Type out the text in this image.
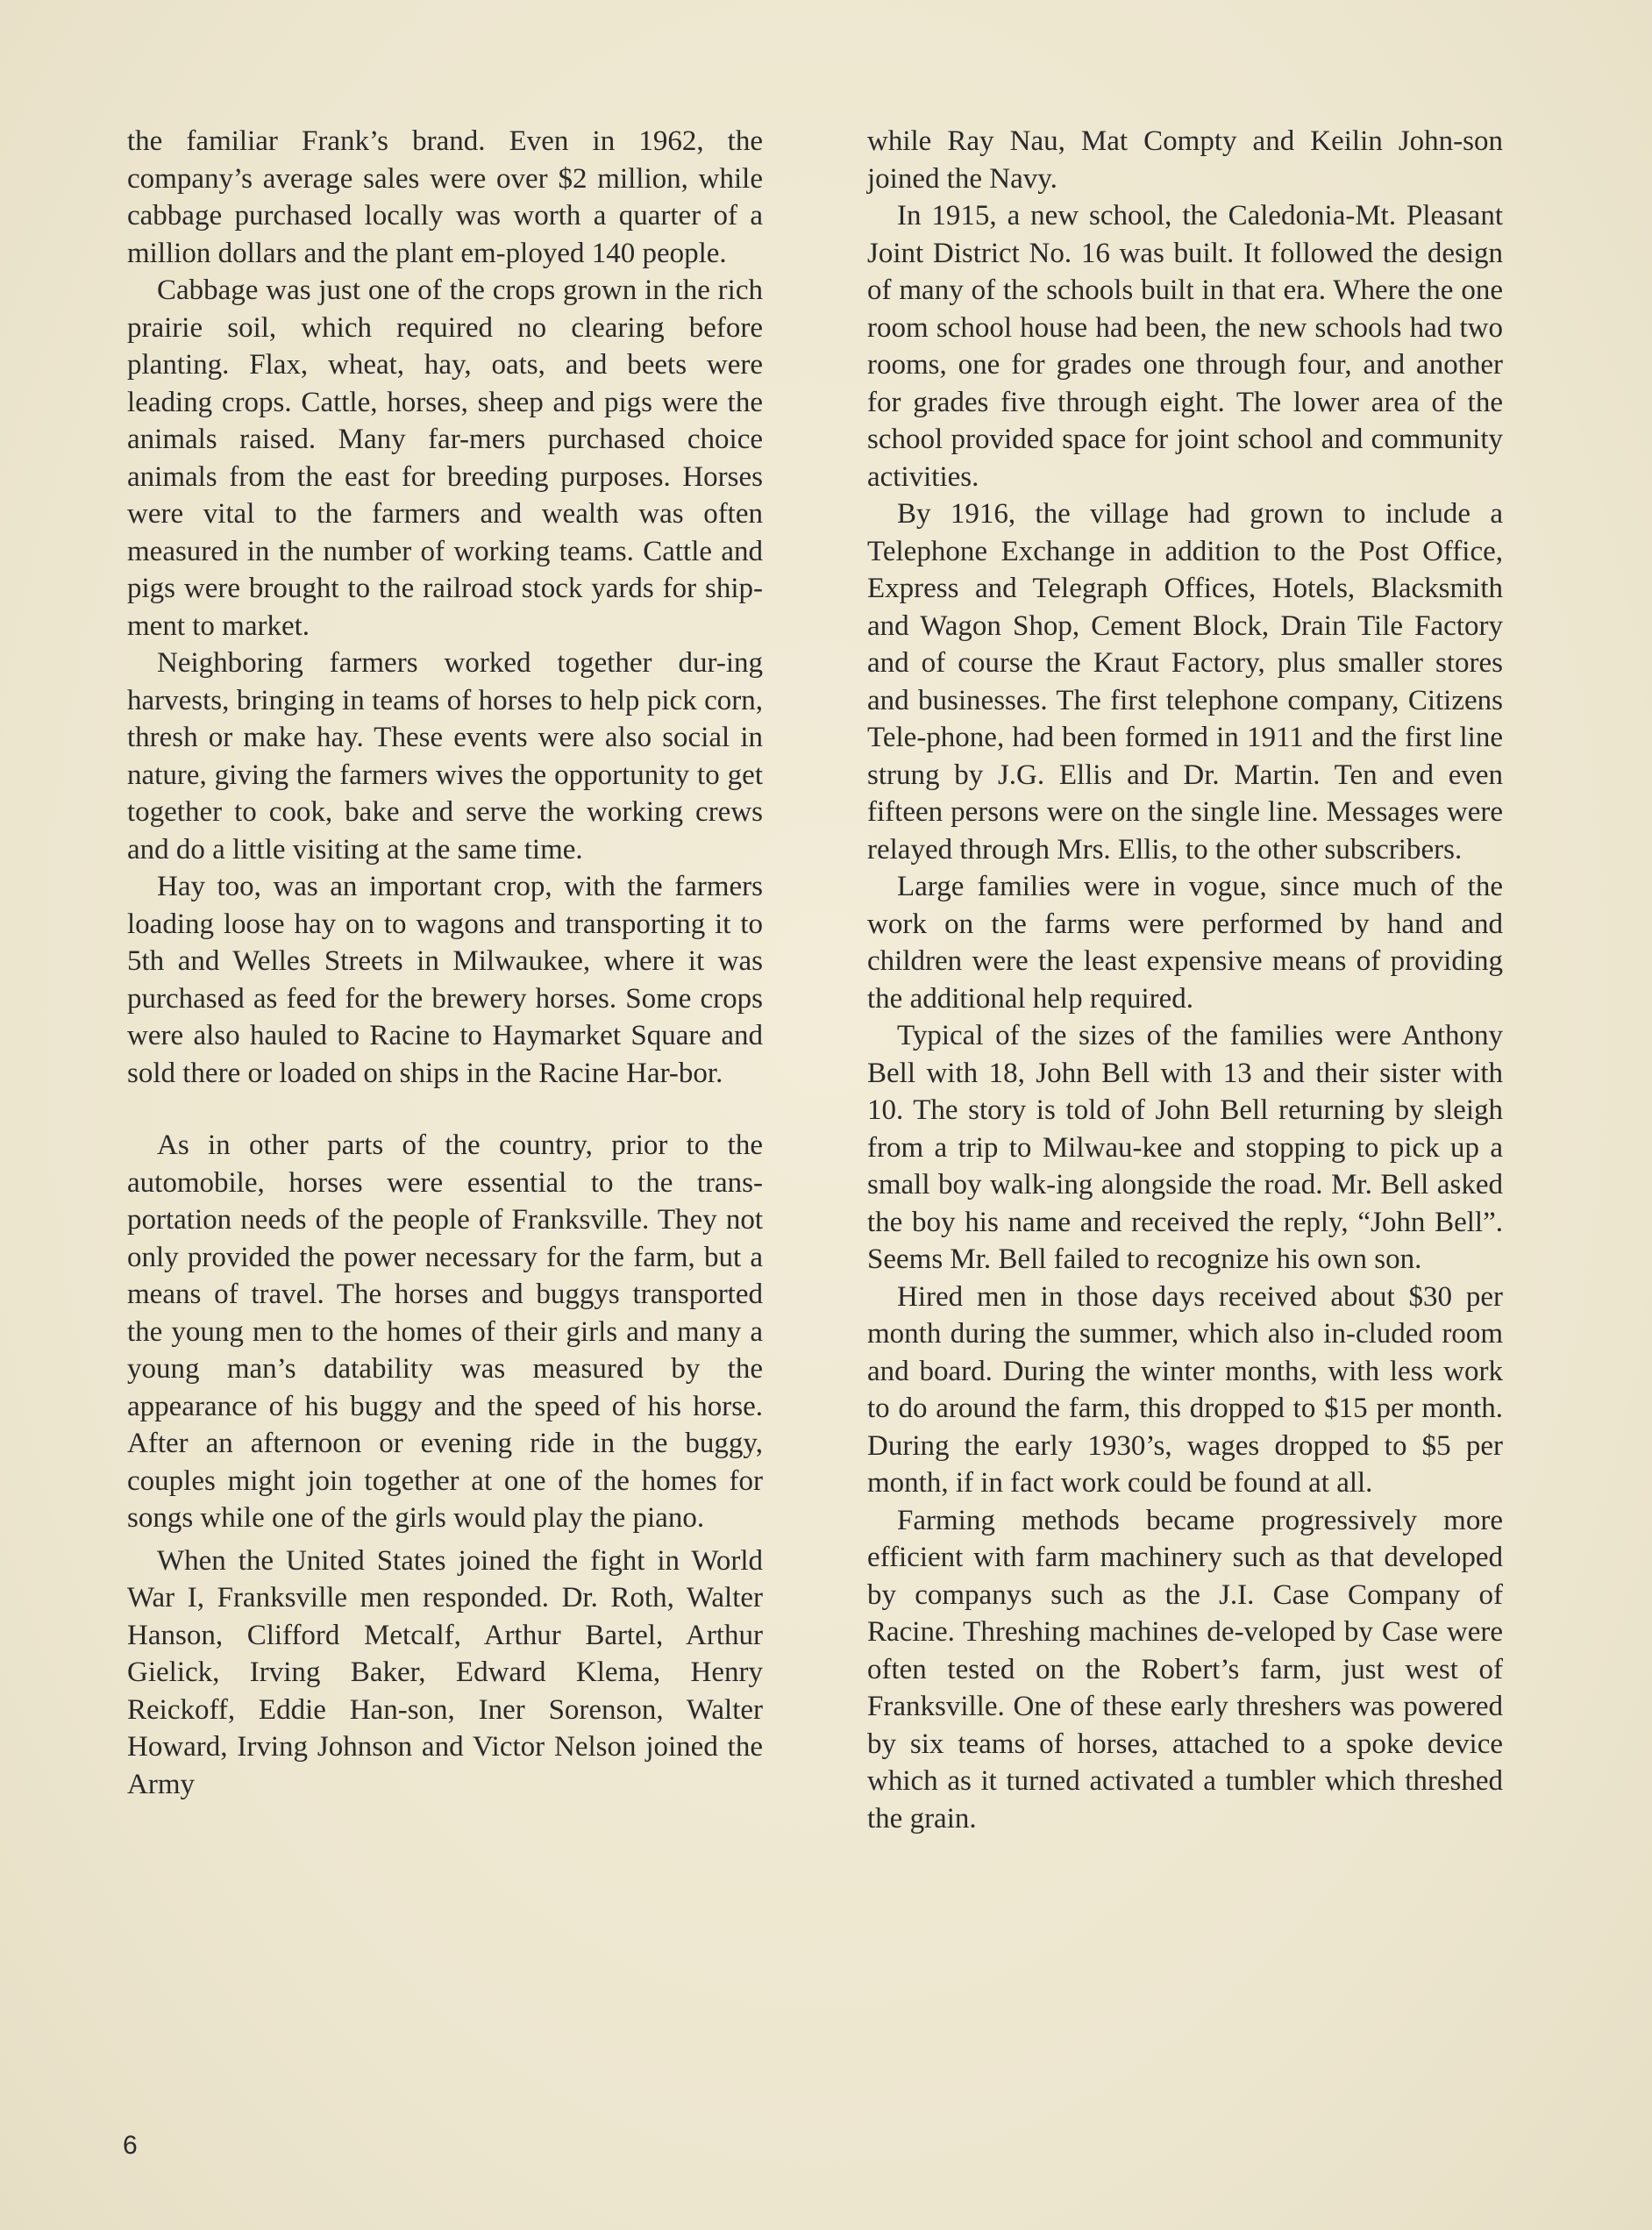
the familiar Frank’s brand. Even in 1962, the company’s average sales were over $2 million, while cabbage purchased locally was worth a quarter of a million dollars and the plant em-ployed 140 people.

Cabbage was just one of the crops grown in the rich prairie soil, which required no clearing before planting. Flax, wheat, hay, oats, and beets were leading crops. Cattle, horses, sheep and pigs were the animals raised. Many far-mers purchased choice animals from the east for breeding purposes. Horses were vital to the farmers and wealth was often measured in the number of working teams. Cattle and pigs were brought to the railroad stock yards for ship-ment to market.

Neighboring farmers worked together dur-ing harvests, bringing in teams of horses to help pick corn, thresh or make hay. These events were also social in nature, giving the farmers wives the opportunity to get together to cook, bake and serve the working crews and do a little visiting at the same time.

Hay too, was an important crop, with the farmers loading loose hay on to wagons and transporting it to 5th and Welles Streets in Milwaukee, where it was purchased as feed for the brewery horses. Some crops were also hauled to Racine to Haymarket Square and sold there or loaded on ships in the Racine Har-bor.

As in other parts of the country, prior to the automobile, horses were essential to the trans-portation needs of the people of Franksville. They not only provided the power necessary for the farm, but a means of travel. The horses and buggys transported the young men to the homes of their girls and many a young man’s datability was measured by the appearance of his buggy and the speed of his horse. After an afternoon or evening ride in the buggy, couples might join together at one of the homes for songs while one of the girls would play the piano.

When the United States joined the fight in World War I, Franksville men responded. Dr. Roth, Walter Hanson, Clifford Metcalf, Arthur Bartel, Arthur Gielick, Irving Baker, Edward Klema, Henry Reickoff, Eddie Han-son, Iner Sorenson, Walter Howard, Irving Johnson and Victor Nelson joined the Army

while Ray Nau, Mat Compty and Keilin John-son joined the Navy.

In 1915, a new school, the Caledonia-Mt. Pleasant Joint District No. 16 was built. It followed the design of many of the schools built in that era. Where the one room school house had been, the new schools had two rooms, one for grades one through four, and another for grades five through eight. The lower area of the school provided space for joint school and community activities.

By 1916, the village had grown to include a Telephone Exchange in addition to the Post Office, Express and Telegraph Offices, Hotels, Blacksmith and Wagon Shop, Cement Block, Drain Tile Factory and of course the Kraut Factory, plus smaller stores and businesses. The first telephone company, Citizens Tele-phone, had been formed in 1911 and the first line strung by J.G. Ellis and Dr. Martin. Ten and even fifteen persons were on the single line. Messages were relayed through Mrs. Ellis, to the other subscribers.

Large families were in vogue, since much of the work on the farms were performed by hand and children were the least expensive means of providing the additional help required.

Typical of the sizes of the families were Anthony Bell with 18, John Bell with 13 and their sister with 10. The story is told of John Bell returning by sleigh from a trip to Milwau-kee and stopping to pick up a small boy walk-ing alongside the road. Mr. Bell asked the boy his name and received the reply, “John Bell”. Seems Mr. Bell failed to recognize his own son.

Hired men in those days received about $30 per month during the summer, which also in-cluded room and board. During the winter months, with less work to do around the farm, this dropped to $15 per month. During the early 1930’s, wages dropped to $5 per month, if in fact work could be found at all.

Farming methods became progressively more efficient with farm machinery such as that developed by companys such as the J.I. Case Company of Racine. Threshing machines de-veloped by Case were often tested on the Robert’s farm, just west of Franksville. One of these early threshers was powered by six teams of horses, attached to a spoke device which as it turned activated a tumbler which threshed the grain.

6
